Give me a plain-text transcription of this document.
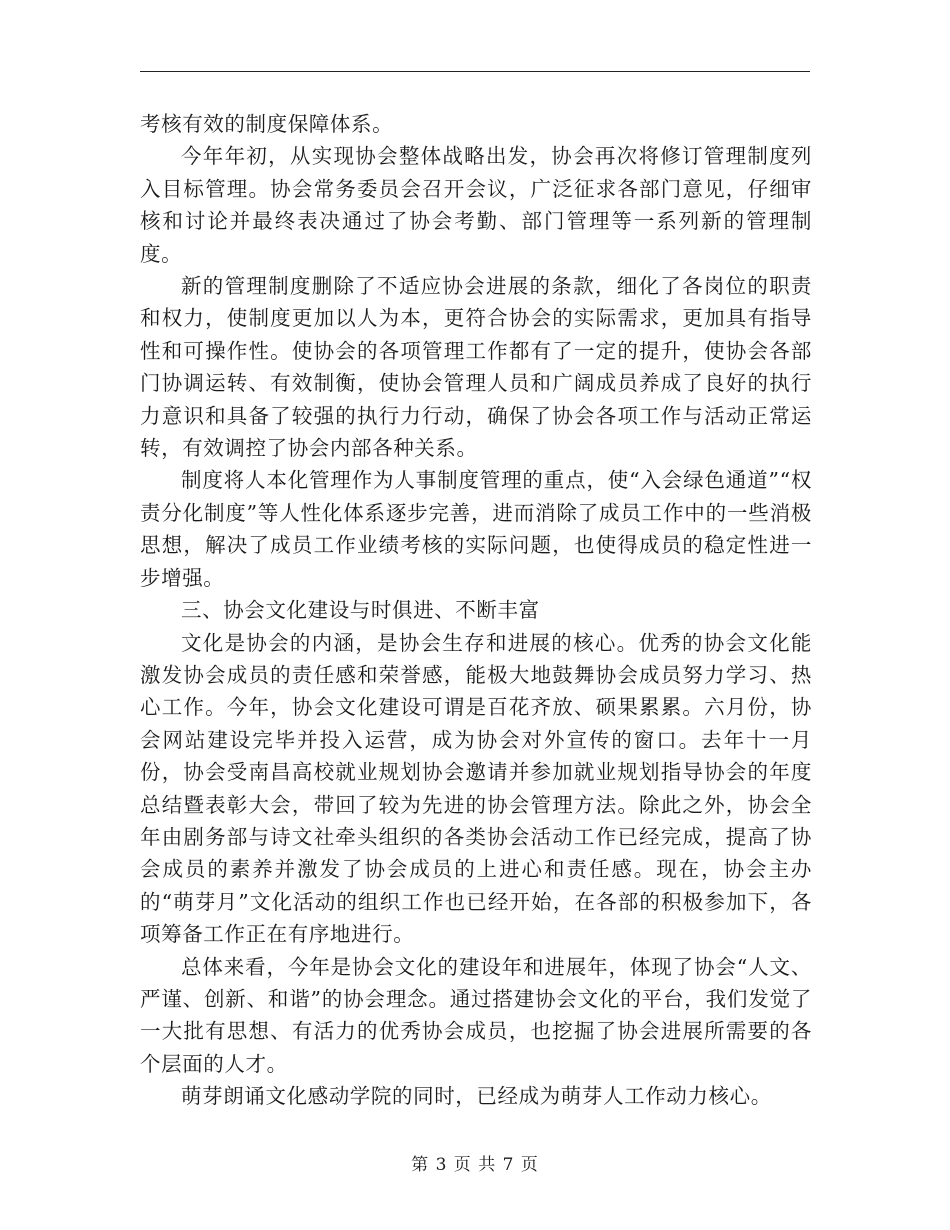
考核有效的制度保障体系。

今年年初，从实现协会整体战略出发，协会再次将修订管理制度列入目标管理。协会常务委员会召开会议，广泛征求各部门意见，仔细审核和讨论并最终表决通过了协会考勤、部门管理等一系列新的管理制度。

新的管理制度删除了不适应协会进展的条款，细化了各岗位的职责和权力，使制度更加以人为本，更符合协会的实际需求，更加具有指导性和可操作性。使协会的各项管理工作都有了一定的提升，使协会各部门协调运转、有效制衡，使协会管理人员和广阔成员养成了良好的执行力意识和具备了较强的执行力行动，确保了协会各项工作与活动正常运转，有效调控了协会内部各种关系。

制度将人本化管理作为人事制度管理的重点，使“入会绿色通道”“权责分化制度”等人性化体系逐步完善，进而消除了成员工作中的一些消极思想，解决了成员工作业绩考核的实际问题，也使得成员的稳定性进一步增强。

三、协会文化建设与时俱进、不断丰富

文化是协会的内涵，是协会生存和进展的核心。优秀的协会文化能激发协会成员的责任感和荣誉感，能极大地鼓舞协会成员努力学习、热心工作。今年，协会文化建设可谓是百花齐放、硕果累累。六月份，协会网站建设完毕并投入运营，成为协会对外宣传的窗口。去年十一月份，协会受南昌高校就业规划协会邀请并参加就业规划指导协会的年度总结暨表彰大会，带回了较为先进的协会管理方法。除此之外，协会全年由剧务部与诗文社牵头组织的各类协会活动工作已经完成，提高了协会成员的素养并激发了协会成员的上进心和责任感。现在，协会主办的“萌芽月”文化活动的组织工作也已经开始，在各部的积极参加下，各项筹备工作正在有序地进行。

总体来看，今年是协会文化的建设年和进展年，体现了协会“人文、严谨、创新、和谐”的协会理念。通过搭建协会文化的平台，我们发觉了一大批有思想、有活力的优秀协会成员，也挖掘了协会进展所需要的各个层面的人才。

萌芽朗诵文化感动学院的同时，已经成为萌芽人工作动力核心。

第 3 页 共 7 页
